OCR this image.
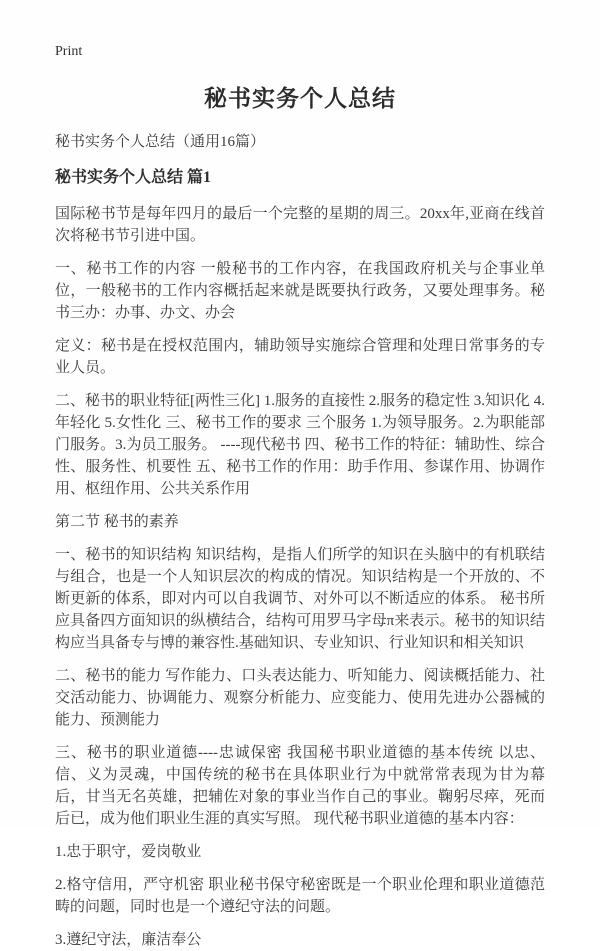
Print
秘书实务个人总结

秘书实务个人总结（通用16篇）

秘书实务个人总结 篇1

国际秘书节是每年四月的最后一个完整的星期的周三。20xx年,亚商在线首次将秘书节引进中国。

一、秘书工作的内容 一般秘书的工作内容，在我国政府机关与企事业单位，一般秘书的工作内容概括起来就是既要执行政务，又要处理事务。秘书三办：办事、办文、办会

定义：秘书是在授权范围内，辅助领导实施综合管理和处理日常事务的专业人员。

二、秘书的职业特征[两性三化] 1.服务的直接性 2.服务的稳定性 3.知识化 4.年轻化 5.女性化 三、秘书工作的要求 三个服务 1.为领导服务。2.为职能部门服务。3.为员工服务。 ----现代秘书 四、秘书工作的特征：辅助性、综合性、服务性、机要性 五、秘书工作的作用：助手作用、参谋作用、协调作用、枢纽作用、公共关系作用

第二节 秘书的素养

一、秘书的知识结构 知识结构，是指人们所学的知识在头脑中的有机联结与组合，也是一个人知识层次的构成的情况。知识结构是一个开放的、不断更新的体系，即对内可以自我调节、对外可以不断适应的体系。 秘书所应具备四方面知识的纵横结合，结构可用罗马字母π来表示。秘书的知识结构应当具备专与博的兼容性.基础知识、专业知识、行业知识和相关知识

二、秘书的能力 写作能力、口头表达能力、听知能力、阅读概括能力、社交活动能力、协调能力、观察分析能力、应变能力、使用先进办公器械的能力、预测能力

三、秘书的职业道德----忠诚保密 我国秘书职业道德的基本传统 以忠、信、义为灵魂，中国传统的秘书在具体职业行为中就常常表现为甘为幕后，甘当无名英雄，把辅佐对象的事业当作自己的事业。鞠躬尽瘁，死而后已，成为他们职业生涯的真实写照。 现代秘书职业道德的基本内容：

1.忠于职守，爱岗敬业

2.格守信用，严守机密 职业秘书保守秘密既是一个职业伦理和职业道德范畴的问题，同时也是一个遵纪守法的问题。

3.遵纪守法，廉洁奉公
